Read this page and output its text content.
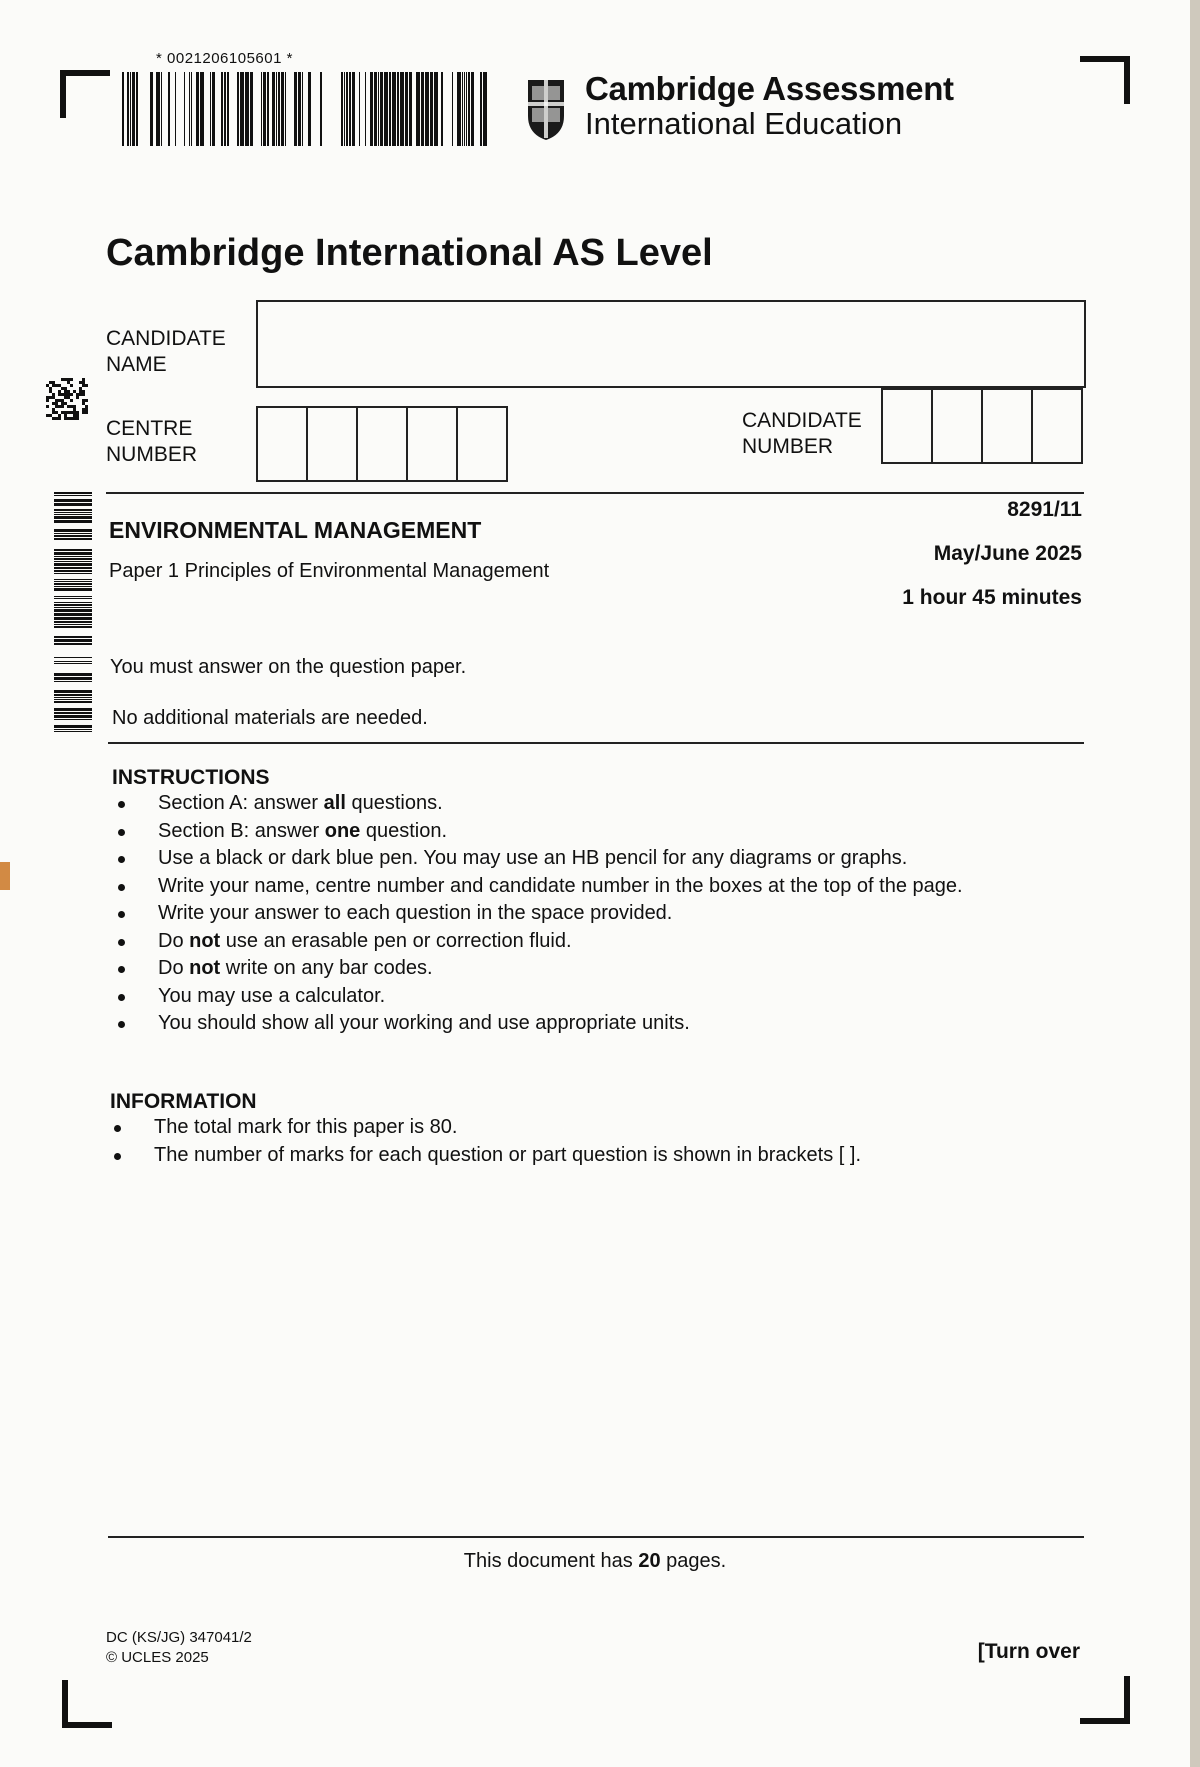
* 0021206105601 *
Cambridge Assessment
International Education
Cambridge International AS Level
CANDIDATE
NAME
CENTRE
NUMBER
CANDIDATE
NUMBER
ENVIRONMENTAL MANAGEMENT
Paper 1 Principles of Environmental Management
8291/11
May/June 2025
1 hour 45 minutes
You must answer on the question paper.
No additional materials are needed.
INSTRUCTIONS
Section A: answer all questions.
Section B: answer one question.
Use a black or dark blue pen. You may use an HB pencil for any diagrams or graphs.
Write your name, centre number and candidate number in the boxes at the top of the page.
Write your answer to each question in the space provided.
Do not use an erasable pen or correction fluid.
Do not write on any bar codes.
You may use a calculator.
You should show all your working and use appropriate units.
INFORMATION
The total mark for this paper is 80.
The number of marks for each question or part question is shown in brackets [ ].
This document has 20 pages.
DC (KS/JG) 347041/2
© UCLES 2025	[Turn over
